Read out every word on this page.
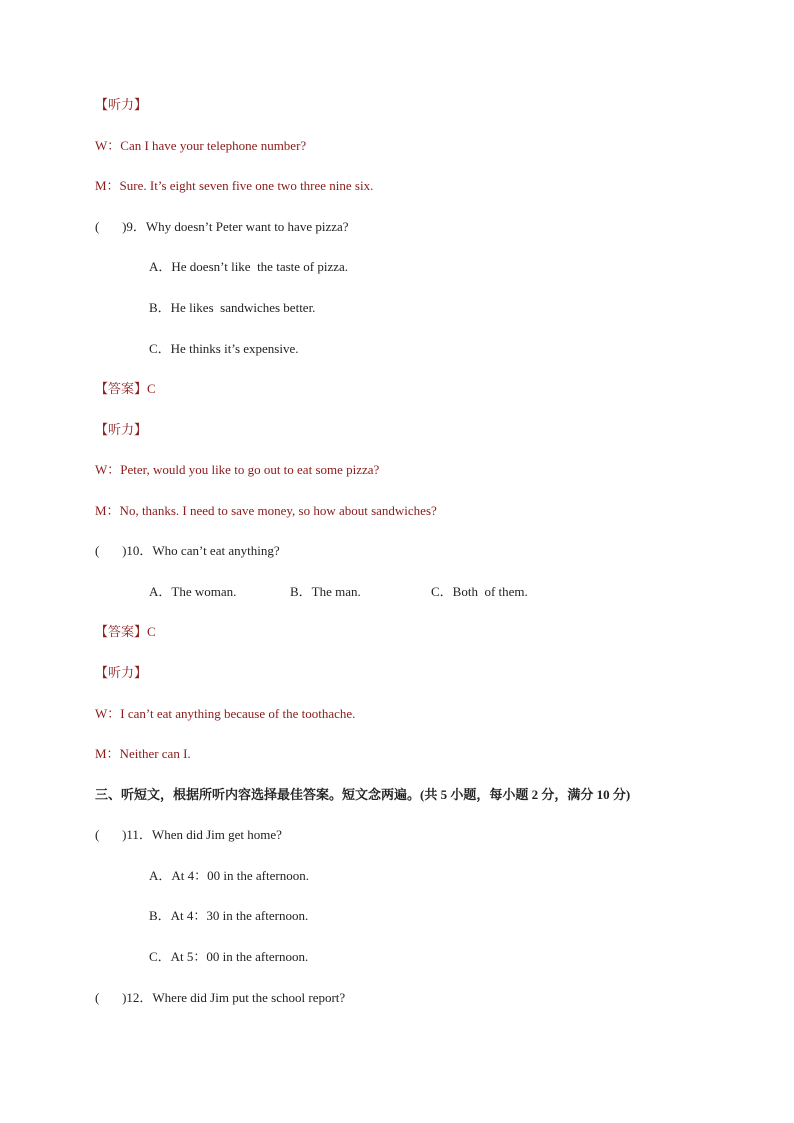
【听力】
W：Can I have your telephone number?
M：Sure. It’s eight seven five one two three nine six.
(       )9．Why doesn’t Peter want to have pizza?
A．He doesn’t like  the taste of pizza.
B．He likes  sandwiches better.
C．He thinks it’s expensive.
【答案】C
【听力】
W：Peter, would you like to go out to eat some pizza?
M：No, thanks. I need to save money, so how about sandwiches?
(       )10．Who can’t eat anything?
A．The woman.	B．The man.	C．Both  of them.
【答案】C
【听力】
W：I can’t eat anything because of the toothache.
M：Neither can I.
三、听短文，根据所听内容选择最佳答案。短文念两遍。(共 5 小题，每小题 2 分，满分 10 分)
(       )11．When did Jim get home?
A．At 4：00 in the afternoon.
B．At 4：30 in the afternoon.
C．At 5：00 in the afternoon.
(       )12．Where did Jim put the school report?
